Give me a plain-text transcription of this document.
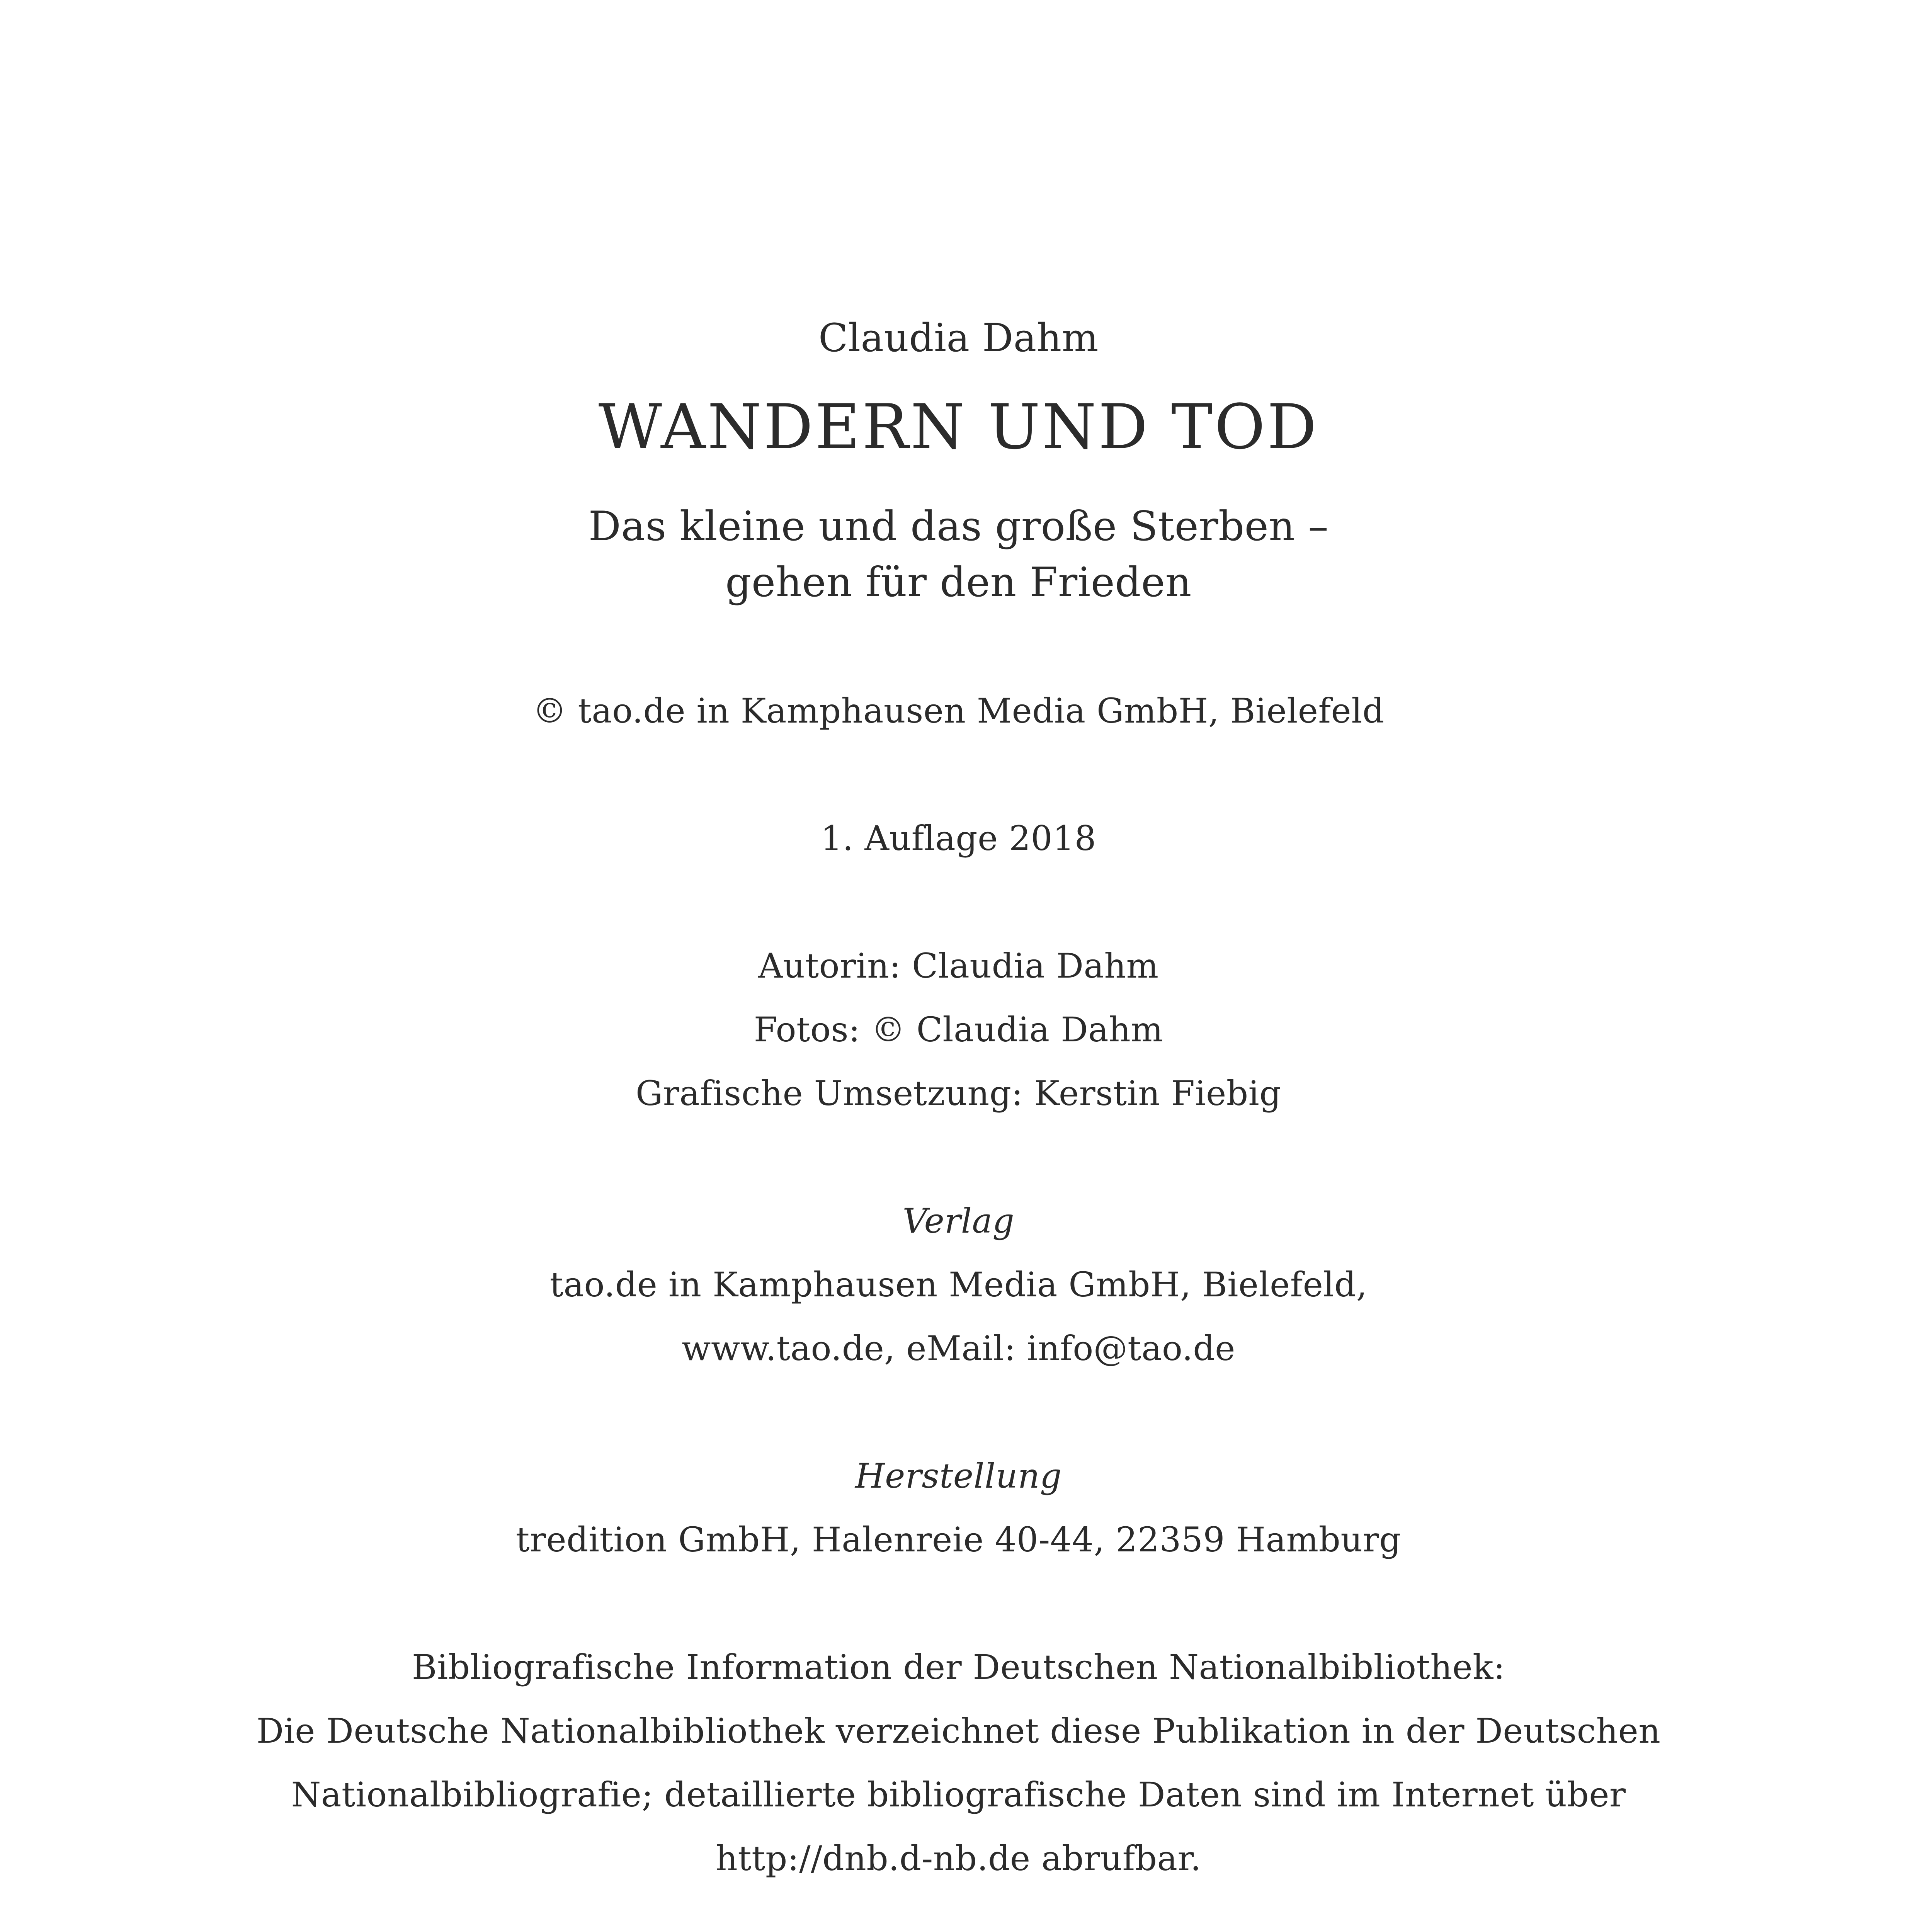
Claudia Dahm
WANDERN UND TOD
Das kleine und das große Sterben –
gehen für den Frieden
© tao.de in Kamphausen Media GmbH, Bielefeld
1. Auflage 2018
Autorin: Claudia Dahm
Fotos: © Claudia Dahm
Grafische Umsetzung: Kerstin Fiebig
Verlag
tao.de in Kamphausen Media GmbH, Bielefeld,
www.tao.de, eMail: info@tao.de
Herstellung
tredition GmbH, Halenreie 40-44, 22359 Hamburg
Bibliografische Information der Deutschen Nationalbibliothek:
Die Deutsche Nationalbibliothek verzeichnet diese Publikation in der Deutschen
Nationalbibliografie; detaillierte bibliografische Daten sind im Internet über
http://dnb.d-nb.de abrufbar.
